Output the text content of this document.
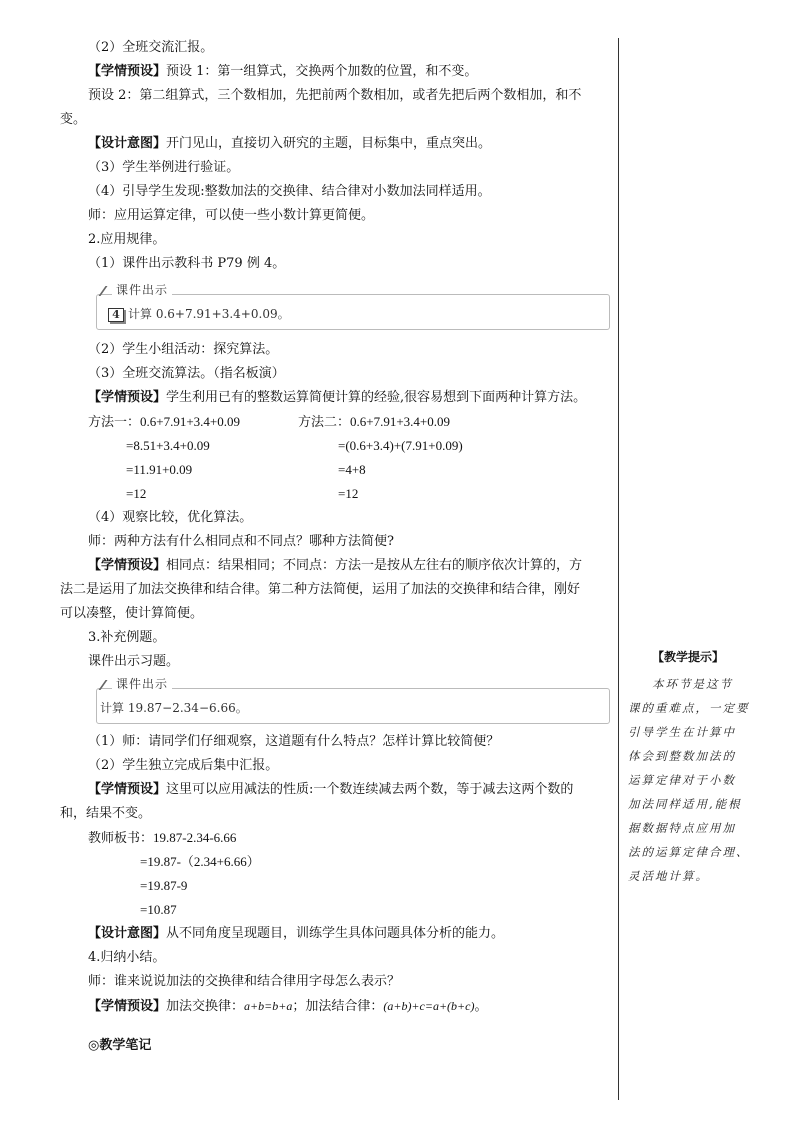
（2）全班交流汇报。
【学情预设】预设 1：第一组算式，交换两个加数的位置，和不变。
预设 2：第二组算式，三个数相加，先把前两个数相加，或者先把后两个数相加，和不
变。
【设计意图】开门见山，直接切入研究的主题，目标集中，重点突出。
（3）学生举例进行验证。
（4）引导学生发现:整数加法的交换律、结合律对小数加法同样适用。
师：应用运算定律，可以使一些小数计算更简便。
2.应用规律。
（1）课件出示教科书 P79 例 4。
课件出示
4 计算 0.6+7.91+3.4+0.09。
（2）学生小组活动：探究算法。
（3）全班交流算法。（指名板演）
【学情预设】学生利用已有的整数运算简便计算的经验,很容易想到下面两种计算方法。
方法一：0.6+7.91+3.4+0.09
=8.51+3.4+0.09
=11.91+0.09
=12
方法二：0.6+7.91+3.4+0.09
=(0.6+3.4)+(7.91+0.09)
=4+8
=12
（4）观察比较，优化算法。
师：两种方法有什么相同点和不同点？哪种方法简便?
【学情预设】相同点：结果相同；不同点：方法一是按从左往右的顺序依次计算的，方
法二是运用了加法交换律和结合律。第二种方法简便，运用了加法的交换律和结合律，刚好
可以凑整，使计算简便。
3.补充例题。
课件出示习题。
课件出示
计算 19.87−2.34−6.66。
（1）师：请同学们仔细观察，这道题有什么特点？怎样计算比较简便？
（2）学生独立完成后集中汇报。
【学情预设】这里可以应用减法的性质:一个数连续减去两个数，等于减去这两个数的
和，结果不变。
教师板书：19.87-2.34-6.66
=19.87-（2.34+6.66）
=19.87-9
=10.87
【设计意图】从不同角度呈现题目，训练学生具体问题具体分析的能力。
4.归纳小结。
师：谁来说说加法的交换律和结合律用字母怎么表示？
【学情预设】加法交换律：a+b=b+a；加法结合律：(a+b)+c=a+(b+c)。
◎教学笔记
【教学提示】
本环节是这节
课的重难点，一定要
引导学生在计算中
体会到整数加法的
运算定律对于小数
加法同样适用,能根
据数据特点应用加
法的运算定律合理、
灵活地计算。
